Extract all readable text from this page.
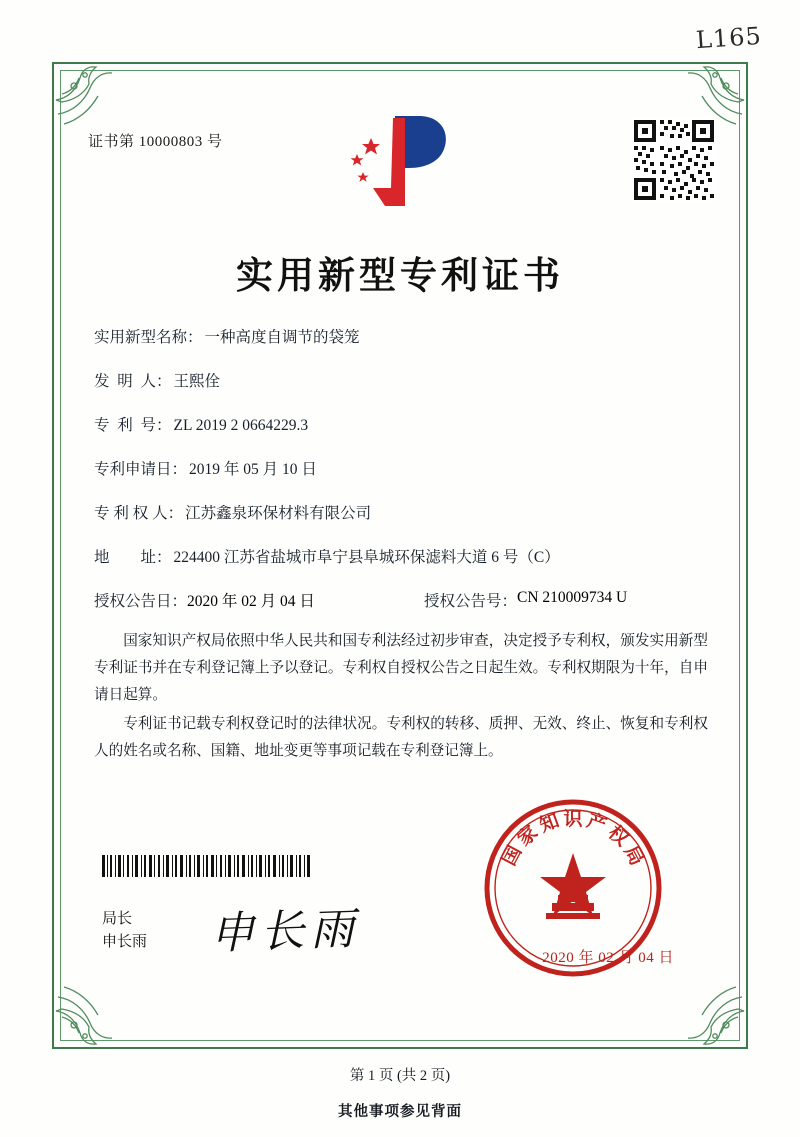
L165
证书第 10000803 号
实用新型专利证书
实用新型名称： 一种高度自调节的袋笼
发  明  人： 王熙佺
专  利  号： ZL 2019 2 0664229.3
专利申请日： 2019 年 05 月 10 日
专 利 权 人： 江苏鑫泉环保材料有限公司
地        址： 224400 江苏省盐城市阜宁县阜城环保滤料大道 6 号（C）
授权公告日： 2020 年 02 月 04 日	授权公告号： CN 210009734 U

国家知识产权局依照中华人民共和国专利法经过初步审查，决定授予专利权，颁发实用新型专利证书并在专利登记簿上予以登记。专利权自授权公告之日起生效。专利权期限为十年，自申请日起算。

专利证书记载专利权登记时的法律状况。专利权的转移、质押、无效、终止、恢复和专利权人的姓名或名称、国籍、地址变更等事项记载在专利登记簿上。

局长
申长雨 申长雨
国
家
知 识 产
权
局
2020 年 02 月 04 日
第 1 页 (共 2 页)
其他事项参见背面
